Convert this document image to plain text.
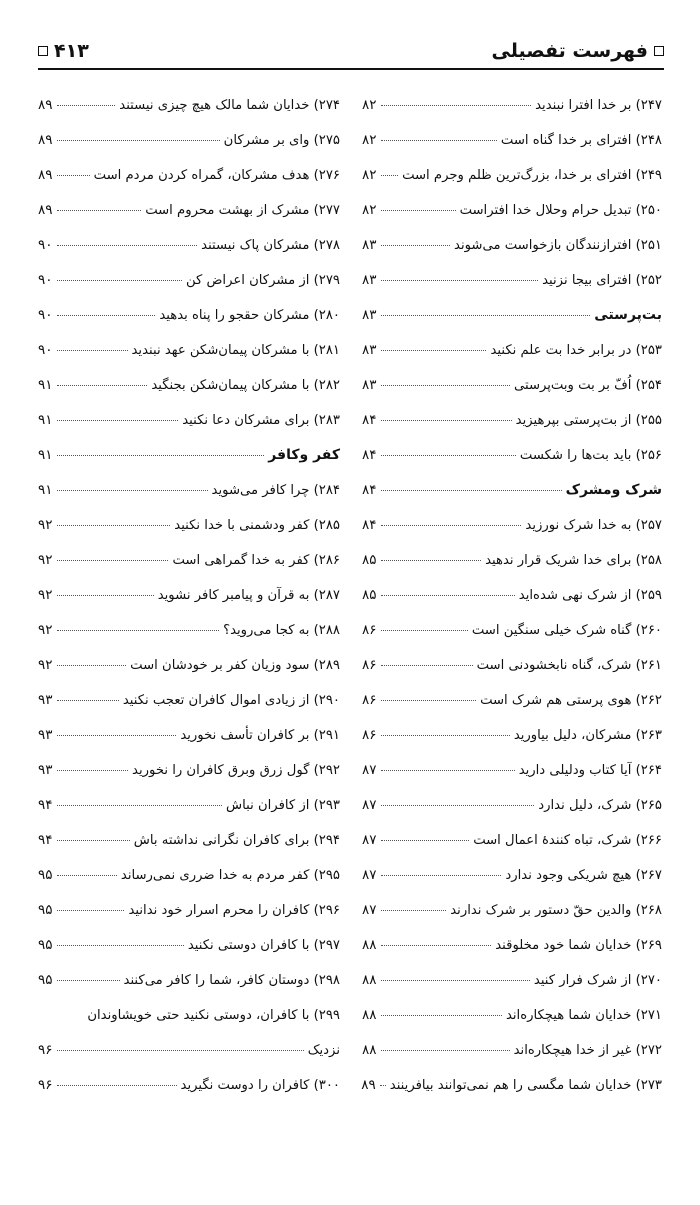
فهرست تفصیلی
۴۱۳
۲۴۷) بر خدا افترا نبندید
۸۲
۲۴۸) افترای بر خدا گناه است
۸۲
۲۴۹) افترای بر خدا، بزرگ‌ترین ظلم وجرم است
۸۲
۲۵۰) تبدیل حرام وحلال خدا افتراست
۸۲
۲۵۱) افترازنندگان بازخواست می‌شوند
۸۳
۲۵۲) افترای بیجا نزنید
۸۳
بت‌پرستی
۸۳
۲۵۳) در برابر خدا بت علم نکنید
۸۳
۲۵۴) اُفّ بر بت وبت‌پرستی
۸۳
۲۵۵) از بت‌پرستی بپرهیزید
۸۴
۲۵۶) باید بت‌ها را شکست
۸۴
شرک ومشرک
۸۴
۲۵۷) به خدا شرک نورزید
۸۴
۲۵۸) برای خدا شریک قرار ندهید
۸۵
۲۵۹) از شرک نهی شده‌اید
۸۵
۲۶۰) گناه شرک خیلی سنگین است
۸۶
۲۶۱) شرک، گناه نابخشودنی است
۸۶
۲۶۲) هوی پرستی هم شرک است
۸۶
۲۶۳) مشرکان، دلیل بیاورید
۸۶
۲۶۴) آیا کتاب ودلیلی دارید
۸۷
۲۶۵) شرک، دلیل ندارد
۸۷
۲۶۶) شرک، تباه کنندهٔ اعمال است
۸۷
۲۶۷) هیچ شریکی وجود ندارد
۸۷
۲۶۸) والدین حقّ دستور بر شرک ندارند
۸۷
۲۶۹) خدایان شما خود مخلوقند
۸۸
۲۷۰) از شرک فرار کنید
۸۸
۲۷۱) خدایان شما هیچکاره‌اند
۸۸
۲۷۲) غیر از خدا هیچکاره‌اند
۸۸
۲۷۳) خدایان شما مگسی را هم نمی‌توانند بیافرینند
۸۹
۲۷۴) خدایان شما مالک هیچ چیزی نیستند
۸۹
۲۷۵) وای بر مشرکان
۸۹
۲۷۶) هدف مشرکان، گمراه کردن مردم است
۸۹
۲۷۷) مشرک از بهشت محروم است
۸۹
۲۷۸) مشرکان پاک نیستند
۹۰
۲۷۹) از مشرکان اعراض کن
۹۰
۲۸۰) مشرکان حقجو را پناه بدهید
۹۰
۲۸۱) با مشرکان پیمان‌شکن عهد نبندید
۹۰
۲۸۲) با مشرکان پیمان‌شکن بجنگید
۹۱
۲۸۳) برای مشرکان دعا نکنید
۹۱
کفر وکافر
۹۱
۲۸۴) چرا کافر می‌شوید
۹۱
۲۸۵) کفر ودشمنی با خدا نکنید
۹۲
۲۸۶) کفر به خدا گمراهی است
۹۲
۲۸۷) به قرآن و پیامبر کافر نشوید
۹۲
۲۸۸) به کجا می‌روید؟
۹۲
۲۸۹) سود وزیان کفر بر خودشان است
۹۲
۲۹۰) از زیادی اموال کافران تعجب نکنید
۹۳
۲۹۱) بر کافران تأسف نخورید
۹۳
۲۹۲) گول زرق وبرق کافران را نخورید
۹۳
۲۹۳) از کافران نباش
۹۴
۲۹۴) برای کافران نگرانی نداشته باش
۹۴
۲۹۵) کفر مردم به خدا ضرری نمی‌رساند
۹۵
۲۹۶) کافران را محرم اسرار خود ندانید
۹۵
۲۹۷) با کافران دوستی نکنید
۹۵
۲۹۸) دوستان کافر، شما را کافر می‌کنند
۹۵
۲۹۹) با کافران، دوستی نکنید حتی خویشاوندان
نزدیک
۹۶
۳۰۰) کافران را دوست نگیرید
۹۶
